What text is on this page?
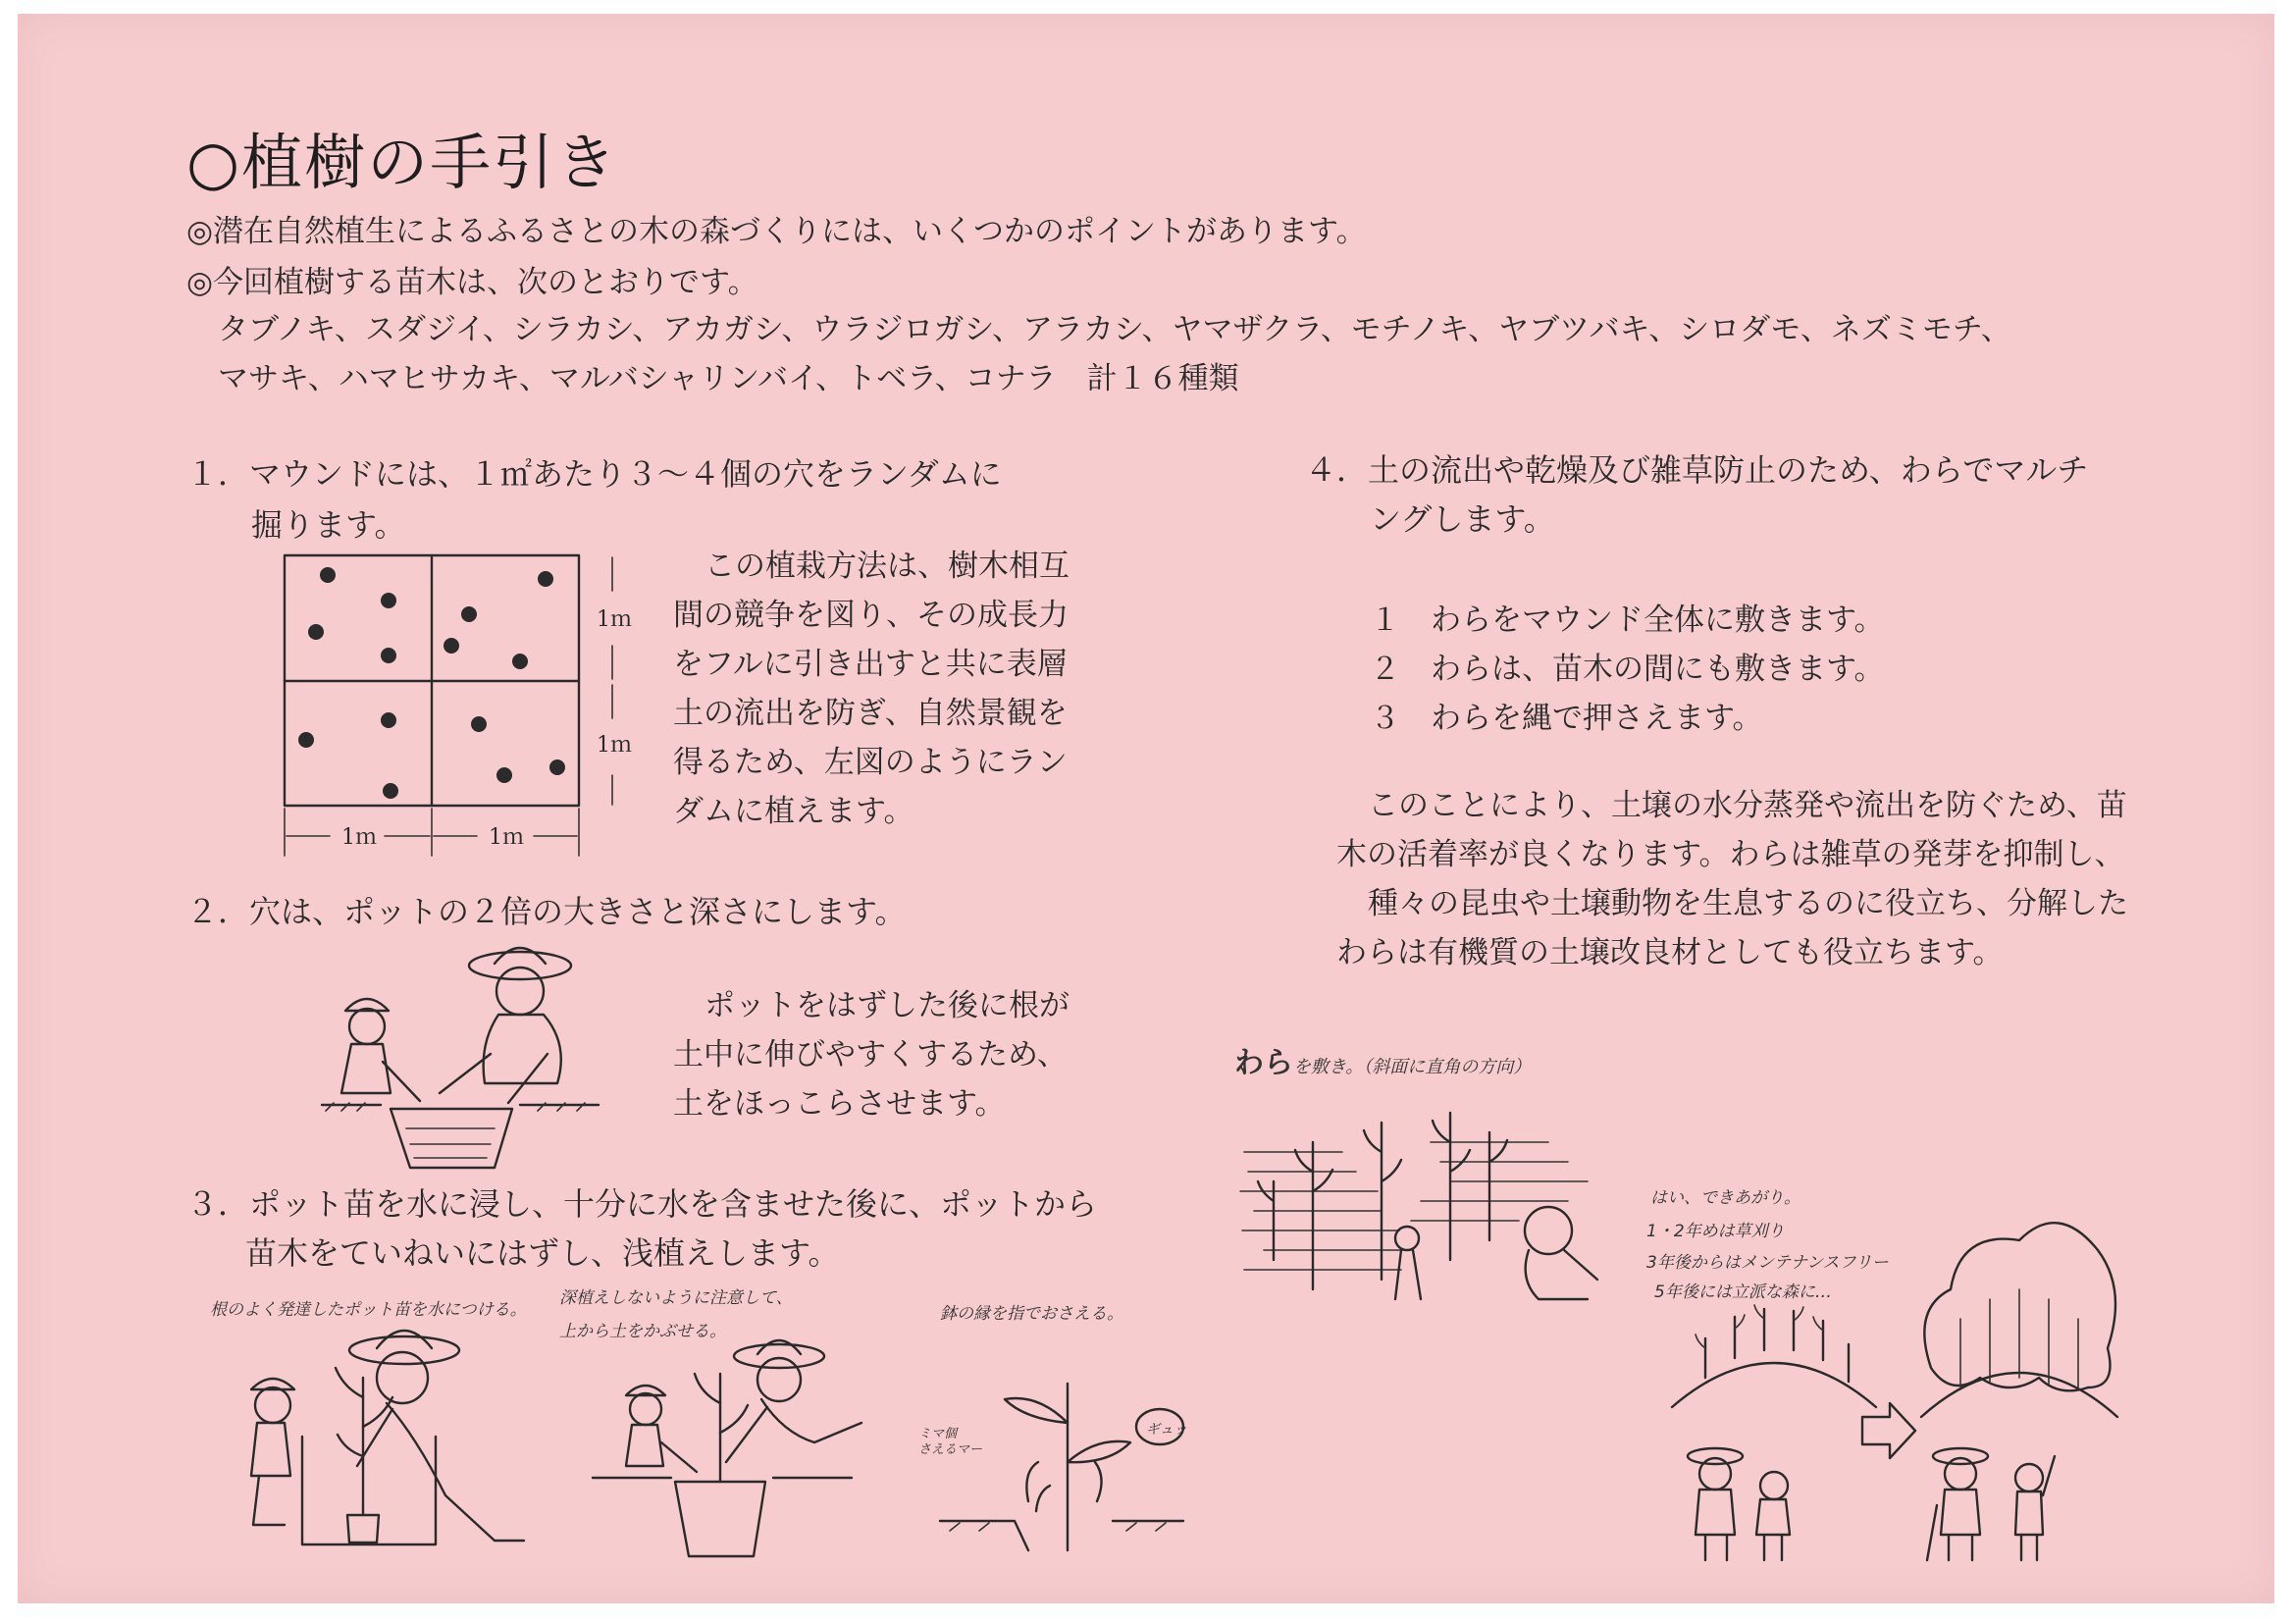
○植樹の手引き
◎潜在自然植生によるふるさとの木の森づくりには、いくつかのポイントがあります。
◎今回植樹する苗木は、次のとおりです。
タブノキ、スダジイ、シラカシ、アカガシ、ウラジロガシ、アラカシ、ヤマザクラ、モチノキ、ヤブツバキ、シロダモ、ネズミモチ、
マサキ、ハマヒサカキ、マルバシャリンバイ、トベラ、コナラ　計１６種類
１．マウンドには、１㎡あたり３～４個の穴をランダムに
掘ります。
1ｍ
1ｍ
1ｍ	1ｍ
この植栽方法は、樹木相互
間の競争を図り、その成長力
をフルに引き出すと共に表層
土の流出を防ぎ、自然景観を
得るため、左図のようにラン
ダムに植えます。
２．穴は、ポットの２倍の大きさと深さにします。
ポットをはずした後に根が
土中に伸びやすくするため、
土をほっこらさせます。
３．ポット苗を水に浸し、十分に水を含ませた後に、ポットから
苗木をていねいにはずし、浅植えします。
根のよく発達したポット苗を水につける。
深植えしないように注意して、
上から土をかぶせる。
鉢の縁を指でおさえる。
ミマ個
さえるマー
ギュッ
４．土の流出や乾燥及び雑草防止のため、わらでマルチ
ングします。
１　わらをマウンド全体に敷きます。
２　わらは、苗木の間にも敷きます。
３　わらを縄で押さえます。
このことにより、土壌の水分蒸発や流出を防ぐため、苗
木の活着率が良くなります。わらは雑草の発芽を抑制し、
種々の昆虫や土壌動物を生息するのに役立ち、分解した
わらは有機質の土壌改良材としても役立ちます。
わらを敷き。（斜面に直角の方向）
はい、できあがり。
1・2年めは草刈り
3年後からはメンテナンスフリー
5年後には立派な森に…
